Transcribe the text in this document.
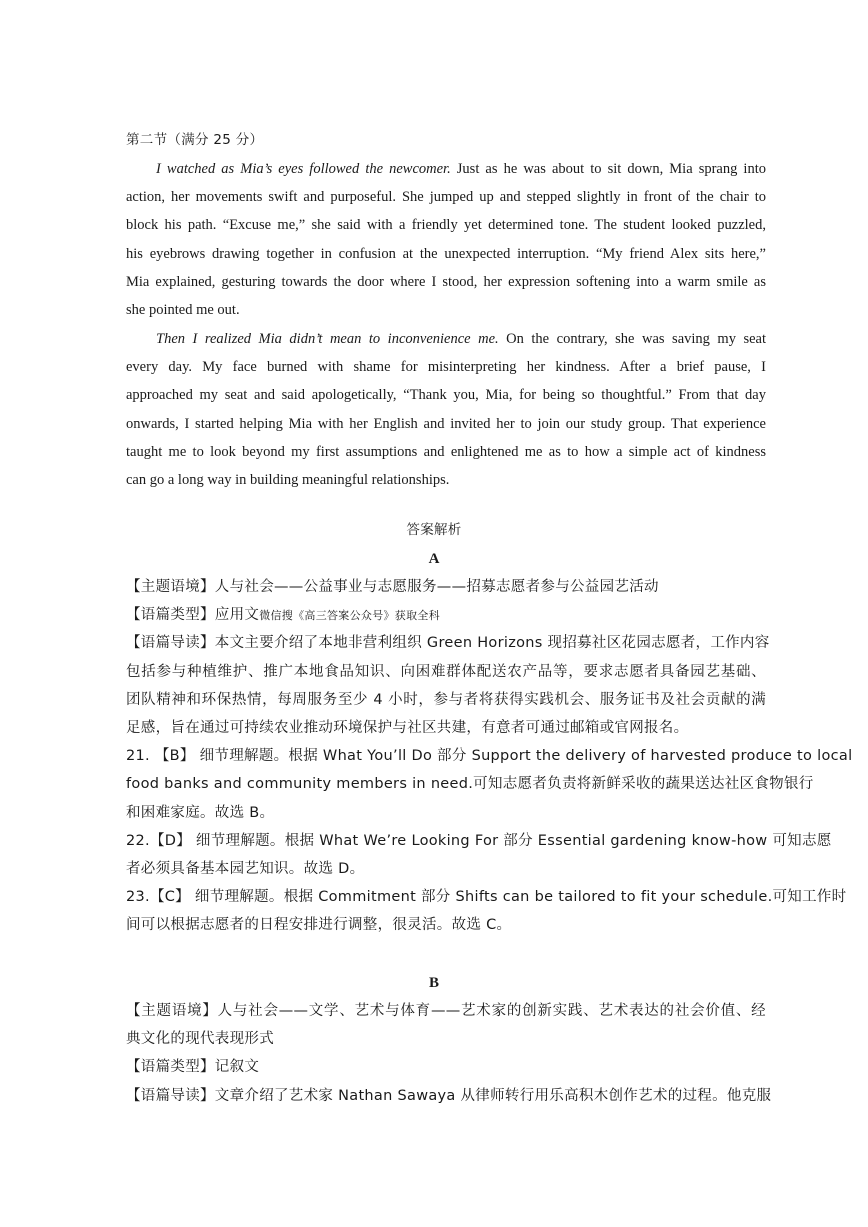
第二节（满分 25 分）
I watched as Mia’s eyes followed the newcomer. Just as he was about to sit down, Mia sprang into
action, her movements swift and purposeful. She jumped up and stepped slightly in front of the chair to
block his path. “Excuse me,” she said with a friendly yet determined tone. The student looked puzzled,
his eyebrows drawing together in confusion at the unexpected interruption. “My friend Alex sits here,”
Mia explained, gesturing towards the door where I stood, her expression softening into a warm smile as
she pointed me out.
Then I realized Mia didn’t mean to inconvenience me. On the contrary, she was saving my seat
every day. My face burned with shame for misinterpreting her kindness. After a brief pause, I
approached my seat and said apologetically, “Thank you, Mia, for being so thoughtful.” From that day
onwards, I started helping Mia with her English and invited her to join our study group. That experience
taught me to look beyond my first assumptions and enlightened me as to how a simple act of kindness
can go a long way in building meaningful relationships.
答案解析
A
【主题语境】人与社会——公益事业与志愿服务——招募志愿者参与公益园艺活动
【语篇类型】应用文微信搜《高三答案公众号》获取全科
【语篇导读】本文主要介绍了本地非营利组织 Green Horizons 现招募社区花园志愿者，工作内容
包括参与种植维护、推广本地食品知识、向困难群体配送农产品等，要求志愿者具备园艺基础、
团队精神和环保热情，每周服务至少 4 小时，参与者将获得实践机会、服务证书及社会贡献的满
足感，旨在通过可持续农业推动环境保护与社区共建，有意者可通过邮箱或官网报名。
21. 【B】 细节理解题。根据 What You’ll Do 部分 Support the delivery of harvested produce to local
food banks and community members in need.可知志愿者负责将新鲜采收的蔬果送达社区食物银行
和困难家庭。故选 B。
22.【D】 细节理解题。根据 What We’re Looking For 部分 Essential gardening know-how 可知志愿
者必须具备基本园艺知识。故选 D。
23.【C】 细节理解题。根据 Commitment 部分 Shifts can be tailored to fit your schedule.可知工作时
间可以根据志愿者的日程安排进行调整，很灵活。故选 C。
B
【主题语境】人与社会——文学、艺术与体育——艺术家的创新实践、艺术表达的社会价值、经
典文化的现代表现形式
【语篇类型】记叙文
【语篇导读】文章介绍了艺术家 Nathan Sawaya 从律师转行用乐高积木创作艺术的过程。他克服
